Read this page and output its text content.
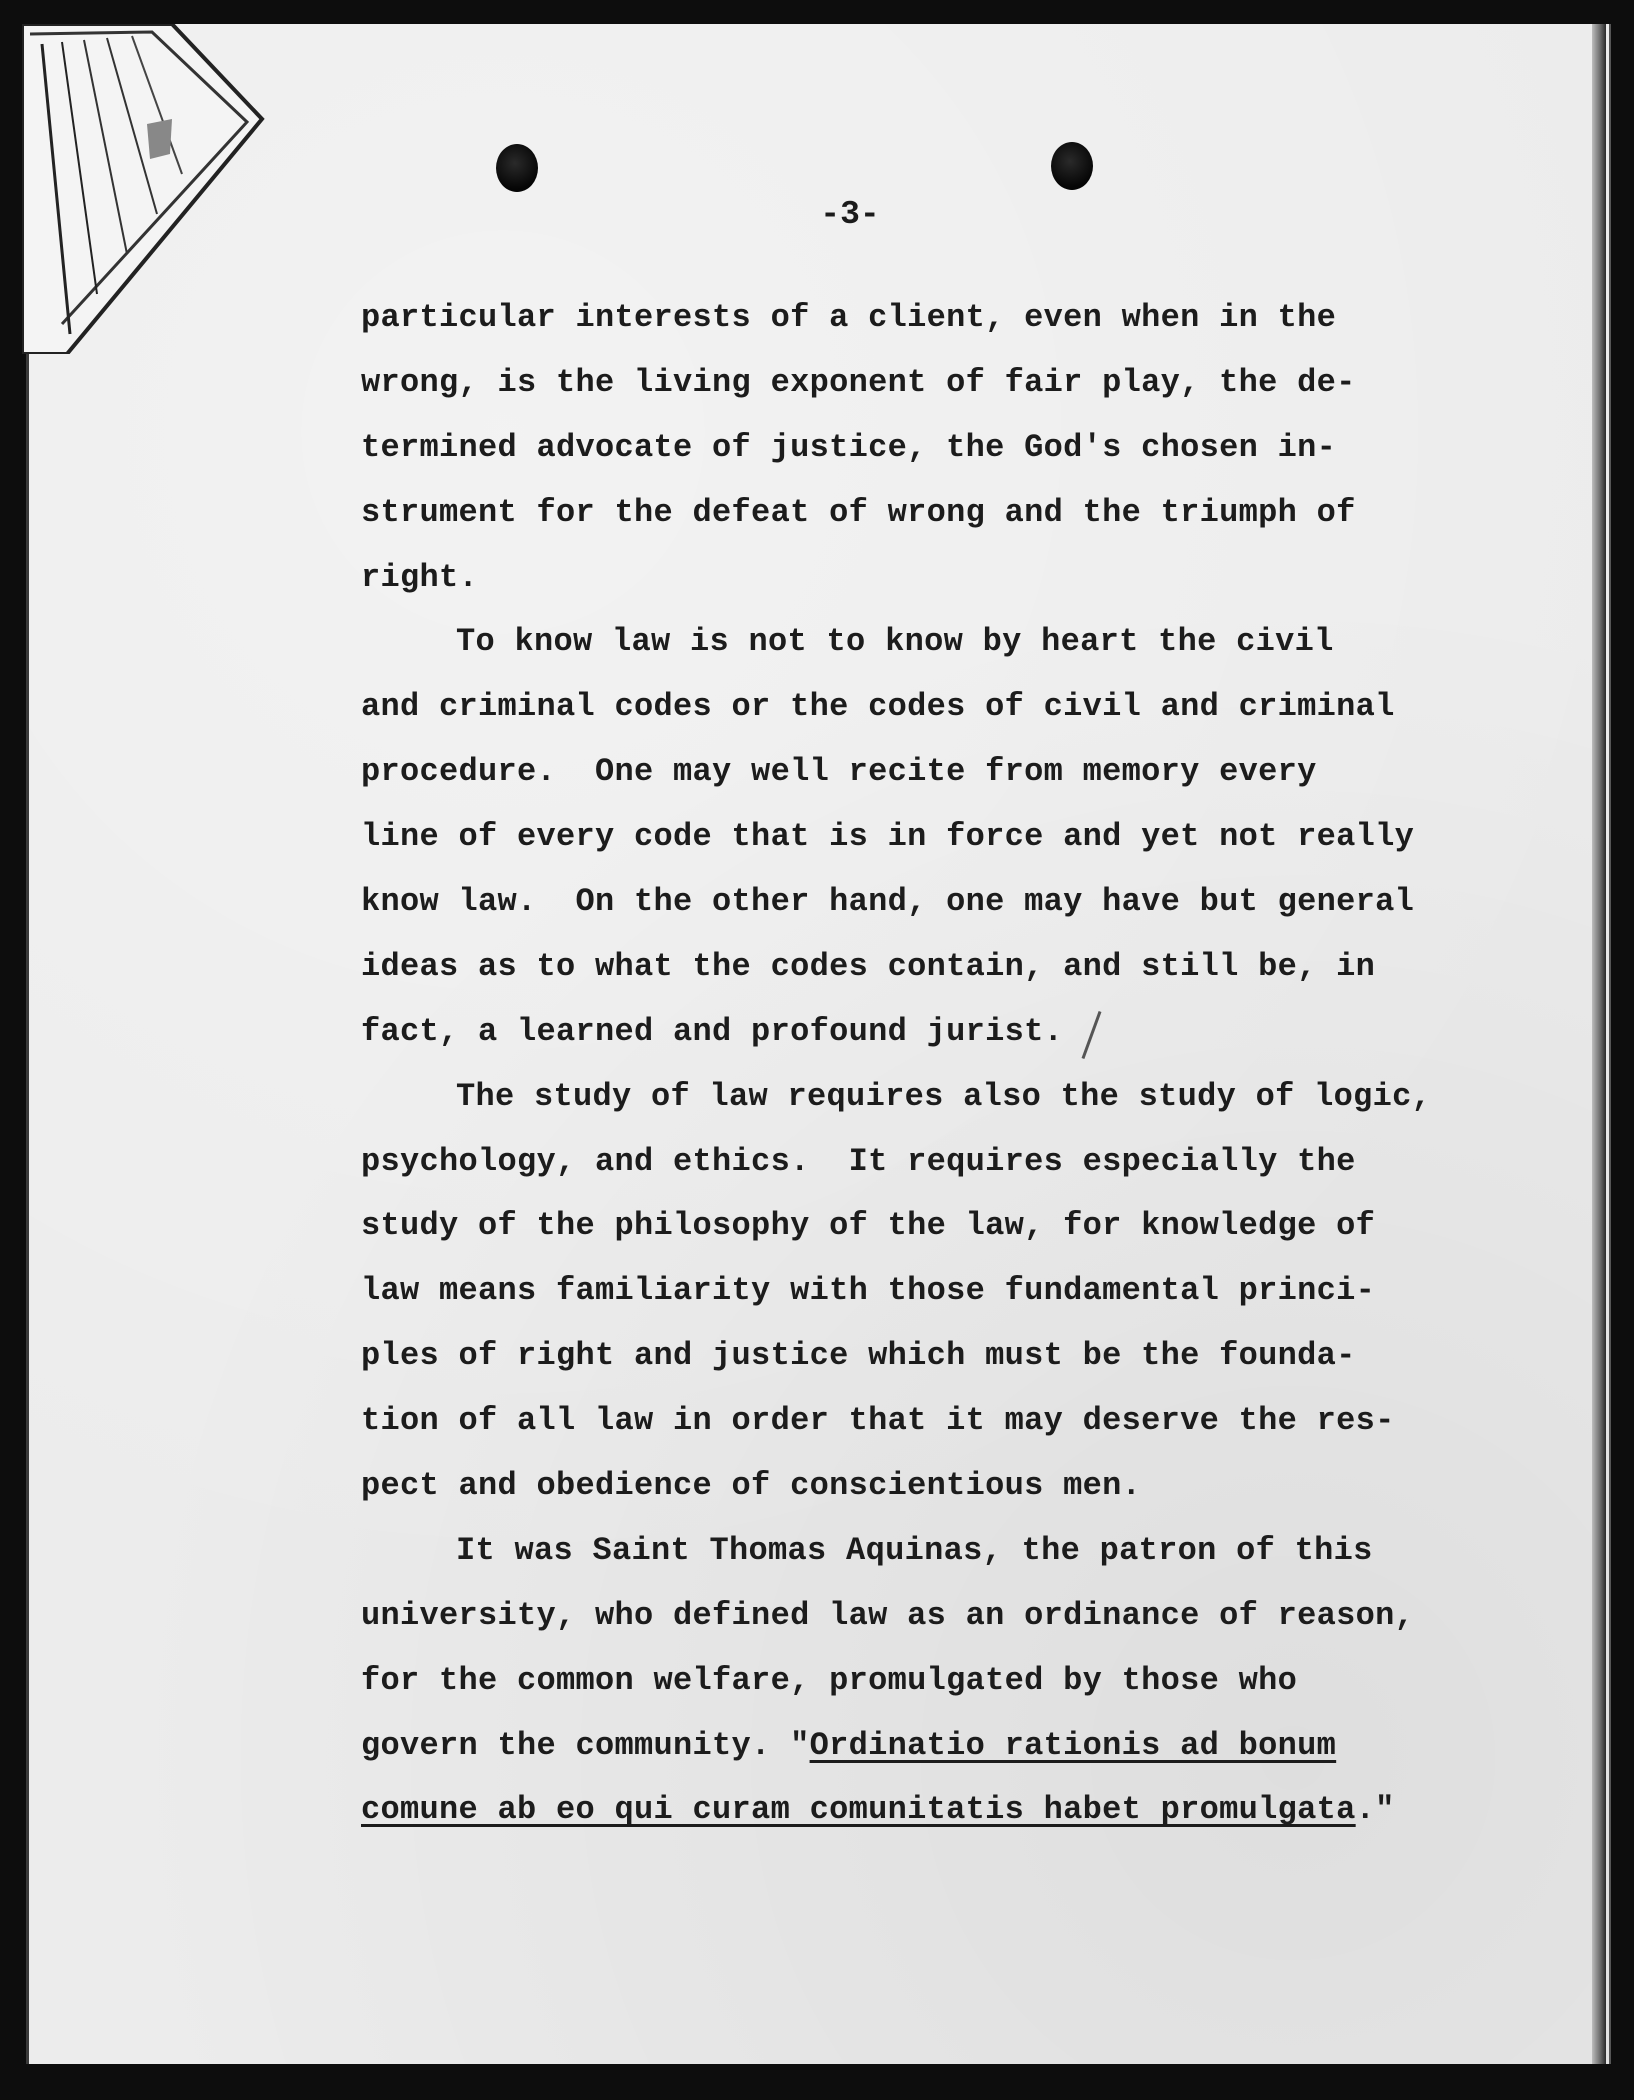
-3-
particular interests of a client, even when in the
wrong, is the living exponent of fair play, the de-
termined advocate of justice, the God's chosen in-
strument for the defeat of wrong and the triumph of
right.
To know law is not to know by heart the civil
and criminal codes or the codes of civil and criminal
procedure.  One may well recite from memory every
line of every code that is in force and yet not really
know law.  On the other hand, one may have but general
ideas as to what the codes contain, and still be, in
fact, a learned and profound jurist.
The study of law requires also the study of logic,
psychology, and ethics.  It requires especially the
study of the philosophy of the law, for knowledge of
law means familiarity with those fundamental princi-
ples of right and justice which must be the founda-
tion of all law in order that it may deserve the res-
pect and obedience of conscientious men.
It was Saint Thomas Aquinas, the patron of this
university, who defined law as an ordinance of reason,
for the common welfare, promulgated by those who
govern the community. "Ordinatio rationis ad bonum
comune ab eo qui curam comunitatis habet promulgata."
